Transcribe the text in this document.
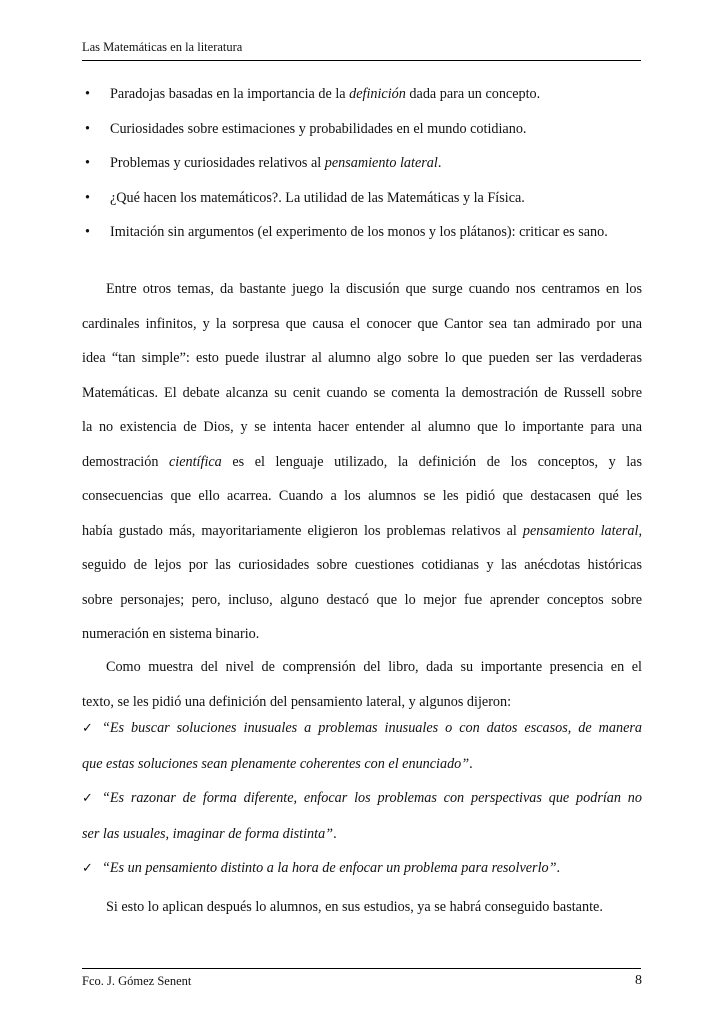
Las Matemáticas en la literatura
• Paradojas basadas en la importancia de la definición dada para un concepto.
• Curiosidades sobre estimaciones y probabilidades en el mundo cotidiano.
• Problemas y curiosidades relativos al pensamiento lateral.
• ¿Qué hacen los matemáticos?. La utilidad de las Matemáticas y la Física.
• Imitación sin argumentos (el experimento de los monos y los plátanos): criticar es sano.
Entre otros temas, da bastante juego la discusión que surge cuando nos centramos en los
cardinales infinitos, y la sorpresa que causa el conocer que Cantor sea tan admirado por una
idea “tan simple”: esto puede ilustrar al alumno algo sobre lo que pueden ser las verdaderas
Matemáticas. El debate alcanza su cenit cuando se comenta la demostración de Russell sobre
la no existencia de Dios, y se intenta hacer entender al alumno que lo importante para una
demostración científica es el lenguaje utilizado, la definición de los conceptos, y las
consecuencias que ello acarrea. Cuando a los alumnos se les pidió que destacasen qué les
había gustado más, mayoritariamente eligieron los problemas relativos al pensamiento lateral,
seguido de lejos por las curiosidades sobre cuestiones cotidianas y las anécdotas históricas
sobre personajes; pero, incluso, alguno destacó que lo mejor fue aprender conceptos sobre
numeración en sistema binario.
Como muestra del nivel de comprensión del libro, dada su importante presencia en el
texto, se les pidió una definición del pensamiento lateral, y algunos dijeron:
✓ “Es buscar soluciones inusuales a problemas inusuales o con datos escasos, de manera
que estas soluciones sean plenamente coherentes con el enunciado”.
✓ “Es razonar de forma diferente, enfocar los problemas con perspectivas que podrían no
ser las usuales, imaginar de forma distinta”.
✓ “Es un pensamiento distinto a la hora de enfocar un problema para resolverlo”.
Si esto lo aplican después lo alumnos, en sus estudios, ya se habrá conseguido bastante.
Fco. J. Gómez Senent	8
